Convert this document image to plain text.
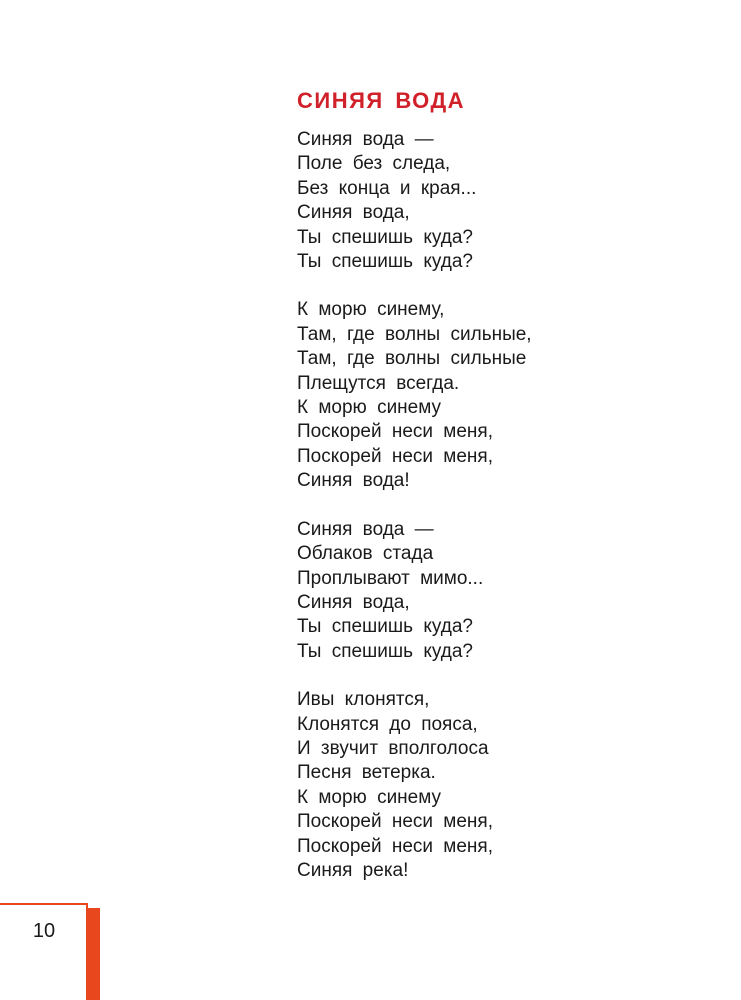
СИНЯЯ ВОДА
Синяя вода —
Поле без следа,
Без конца и края...
Синяя вода,
Ты спешишь куда?
Ты спешишь куда?
К морю синему,
Там, где волны сильные,
Там, где волны сильные
Плещутся всегда.
К морю синему
Поскорей неси меня,
Поскорей неси меня,
Синяя вода!
Синяя вода —
Облаков стада
Проплывают мимо...
Синяя вода,
Ты спешишь куда?
Ты спешишь куда?
Ивы клонятся,
Клонятся до пояса,
И звучит вполголоса
Песня ветерка.
К морю синему
Поскорей неси меня,
Поскорей неси меня,
Синяя река!
10
